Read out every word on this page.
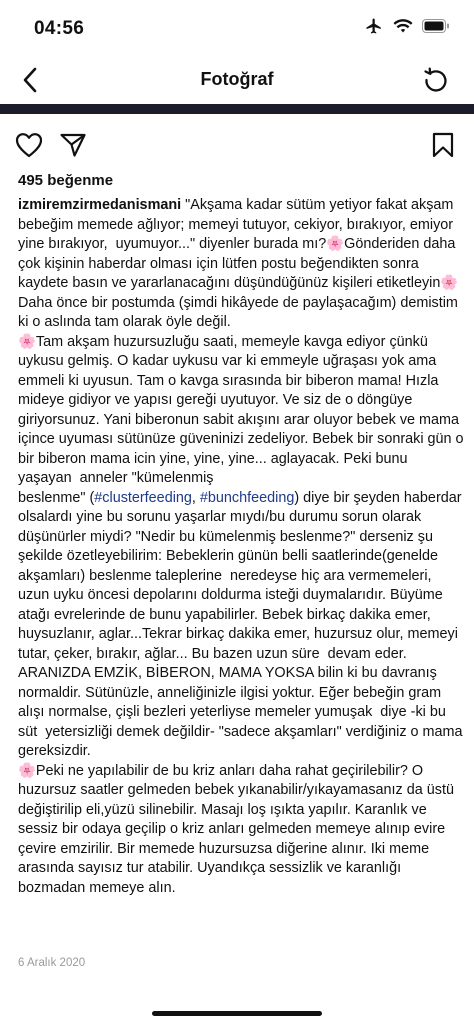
04:56
Fotoğraf
495 beğenme
izmiremzirmedanismani "Akşama kadar sütüm yetiyor fakat akşam bebeğim memede ağlıyor; memeyi tutuyor, cekiyor, bırakıyor, emiyor yine bırakıyor,  uyumuyor..." diyenler burada mı?🌸Gönderiden daha çok kişinin haberdar olması için lütfen postu beğendikten sonra kaydete basın ve yararlanacağını düşündüğünüz kişileri etiketleyin🌸Daha önce bir postumda (şimdi hikâyede de paylaşacağım) demistim ki o aslında tam olarak öyle değil.
🌸Tam akşam huzursuzluğu saati, memeyle kavga ediyor çünkü uykusu gelmiş. O kadar uykusu var ki emmeyle uğraşası yok ama emmeli ki uyusun. Tam o kavga sırasında bir biberon mama! Hızla mideye gidiyor ve yapısı gereği uyutuyor. Ve siz de o döngüye giriyorsunuz. Yani biberonun sabit akışını arar oluyor bebek ve mama içince uyuması sütünüze güveninizi zedeliyor. Bebek bir sonraki gün o bir biberon mama icin yine, yine, yine... aglayacak. Peki bunu yaşayan  anneler "kümelenmiş
beslenme" (#clusterfeeding, #bunchfeeding) diye bir şeyden haberdar olsalardı yine bu sorunu yaşarlar mıydı/bu durumu sorun olarak düşünürler miydi? "Nedir bu kümelenmiş beslenme?" derseniz şu şekilde özetleyebilirim: Bebeklerin günün belli saatlerinde(genelde akşamları) beslenme taleplerine  neredeyse hiç ara vermemeleri, uzun uyku öncesi depolarını doldurma isteği duymalarıdır. Büyüme  atağı evrelerinde de bunu yapabilirler. Bebek birkaç dakika emer, huysuzlanır, aglar...Tekrar birkaç dakika emer, huzursuz olur, memeyi tutar, çeker, bırakır, ağlar... Bu bazen uzun süre  devam eder. ARANIZDA EMZİK, BİBERON, MAMA YOKSA bilin ki bu davranış normaldir. Sütünüzle, anneliğinizle ilgisi yoktur. Eğer bebeğin gram alışı normalse, çişli bezleri yeterliyse memeler yumuşak  diye -ki bu süt  yetersizliği demek değildir- "sadece akşamları" verdiğiniz o mama gereksizdir.
🌸Peki ne yapılabilir de bu kriz anları daha rahat geçirilebilir? O huzursuz saatler gelmeden bebek yıkanabilir/yıkayamasanız da üstü değiştirilip eli,yüzü silinebilir. Masajı loş ışıkta yapılır. Karanlık ve sessiz bir odaya geçilip o kriz anları gelmeden memeye alınıp evire çevire emzirilir. Bir memede huzursuzsa diğerine alınır. Iki meme arasında sayısız tur atabilir. Uyandıkça sessizlik ve karanlığı bozmadan memeye alın.
6 Aralık 2020
